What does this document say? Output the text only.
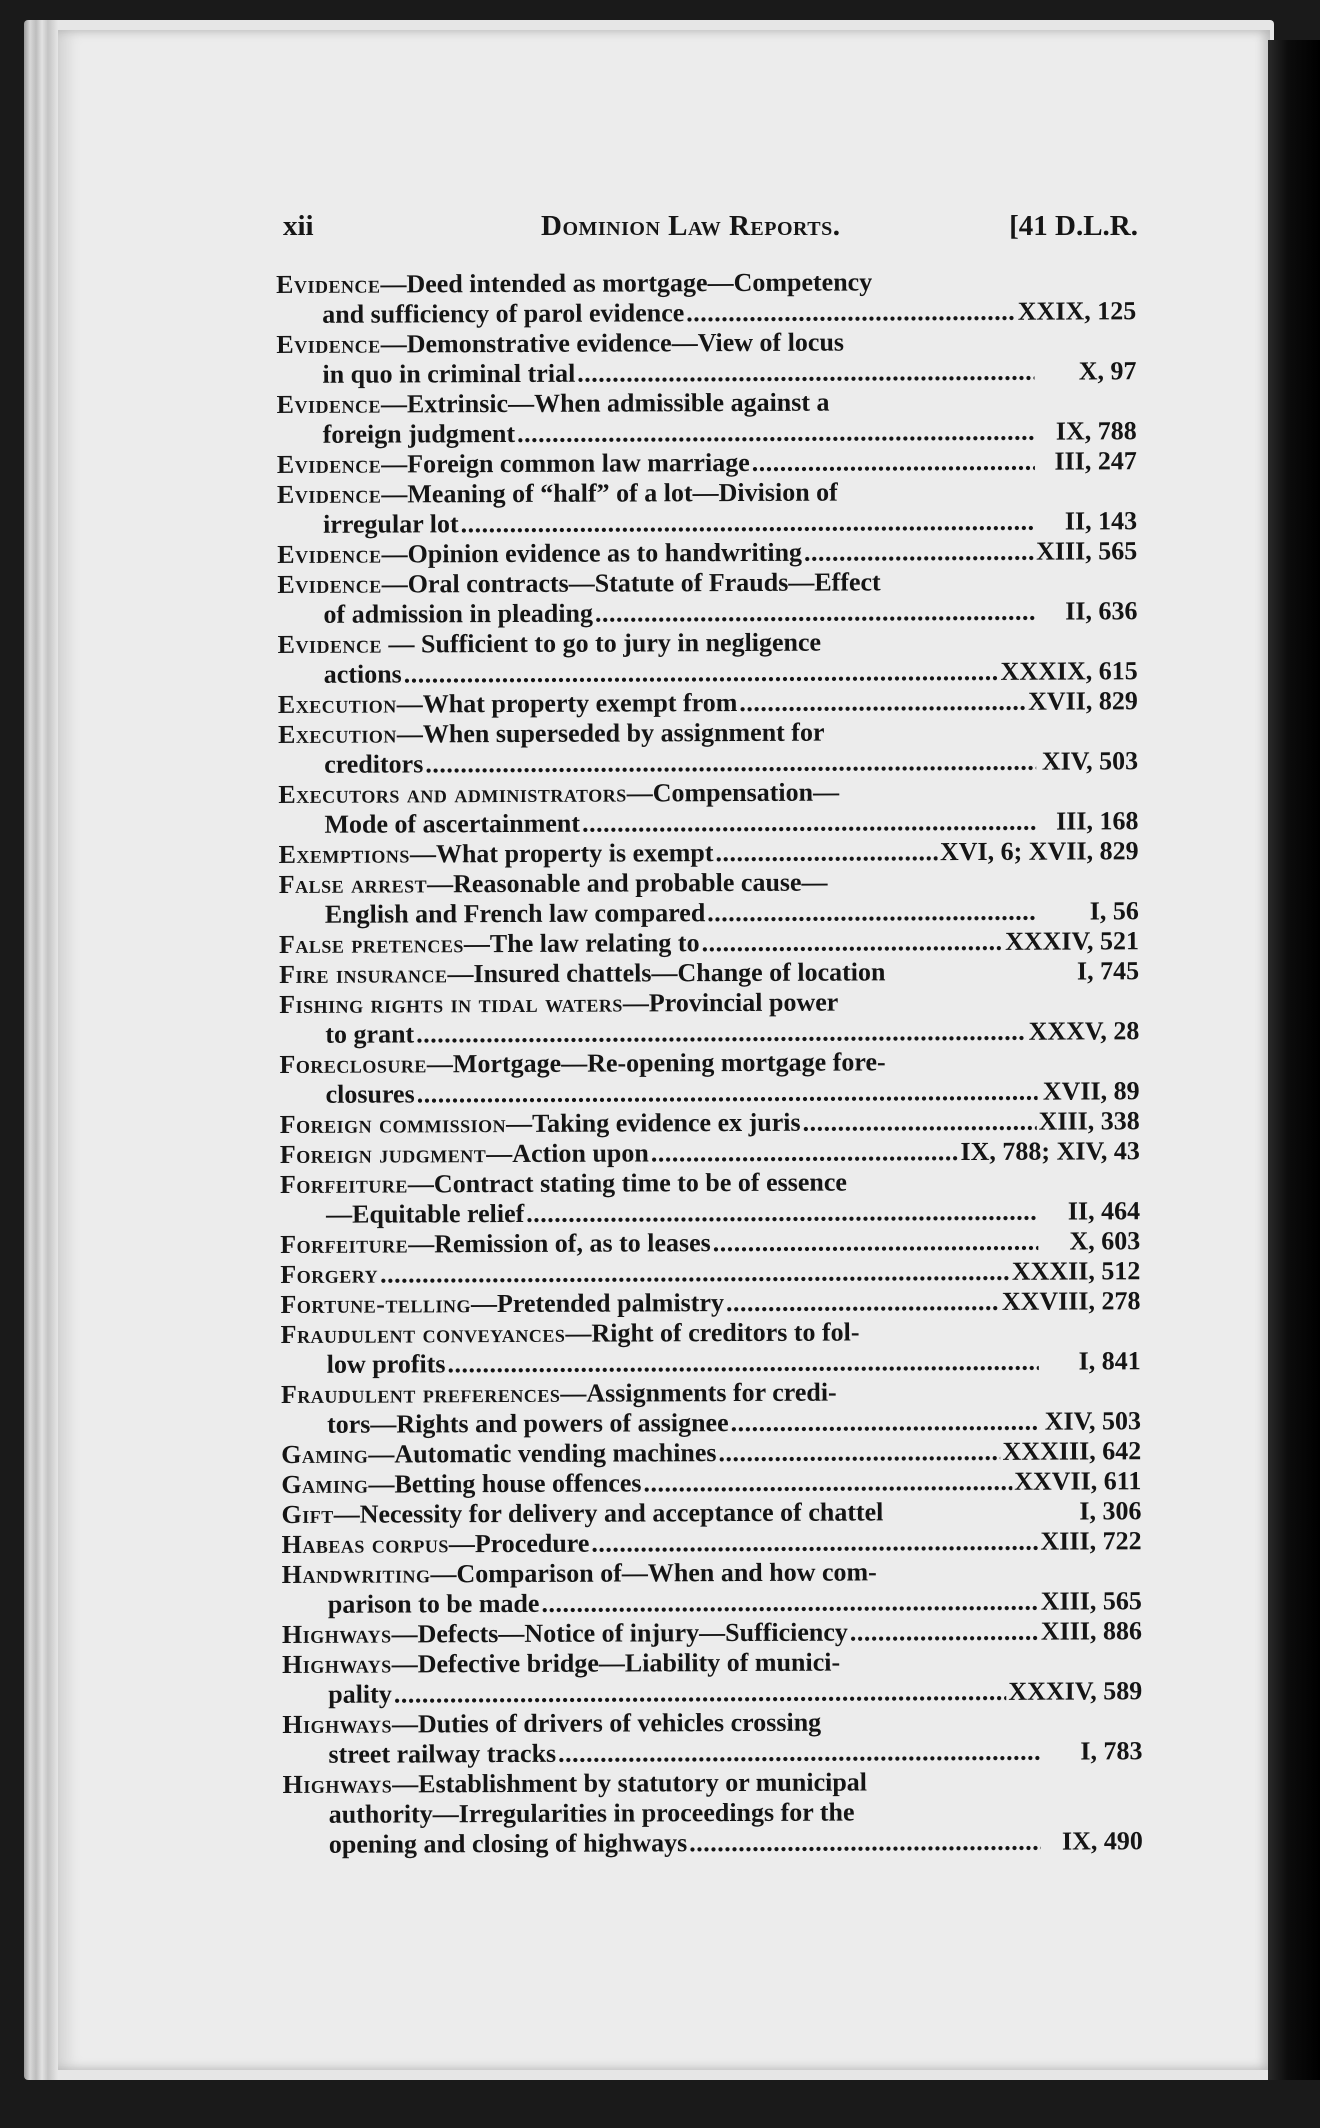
xii	Dominion Law Reports.	[41 D.L.R.
Evidence—Deed intended as mortgage—Competency
and sufficiency of parol evidence . . .	XXIX, 125
Evidence—Demonstrative evidence—View of locus
in quo in criminal trial . . .	X, 97
Evidence—Extrinsic—When admissible against a
foreign judgment . . .	IX, 788
Evidence—Foreign common law marriage . . .	III, 247
Evidence—Meaning of “half” of a lot—Division of
irregular lot . . .	II, 143
Evidence—Opinion evidence as to handwriting . . .	XIII, 565
Evidence—Oral contracts—Statute of Frauds—Effect
of admission in pleading . . .	II, 636
Evidence — Sufficient to go to jury in negligence
actions . . .	XXXIX, 615
Execution—What property exempt from . . .	XVII, 829
Execution—When superseded by assignment for
creditors . . .	XIV, 503
Executors and administrators—Compensation—
Mode of ascertainment . . .	III, 168
Exemptions—What property is exempt . . .	XVI, 6; XVII, 829
False arrest—Reasonable and probable cause—
English and French law compared . . .	I, 56
False pretences—The law relating to . . .	XXXIV, 521
Fire insurance—Insured chattels—Change of location	I, 745
Fishing rights in tidal waters—Provincial power
to grant . . .	XXXV, 28
Foreclosure—Mortgage—Re-opening mortgage fore-
closures . . .	XVII, 89
Foreign commission—Taking evidence ex juris . . .	XIII, 338
Foreign judgment—Action upon . . .	IX, 788; XIV, 43
Forfeiture—Contract stating time to be of essence
—Equitable relief . . .	II, 464
Forfeiture—Remission of, as to leases . . .	X, 603
Forgery . . .	XXXII, 512
Fortune-telling—Pretended palmistry . . .	XXVIII, 278
Fraudulent conveyances—Right of creditors to fol-
low profits . . .	I, 841
Fraudulent preferences—Assignments for credi-
tors—Rights and powers of assignee . . .	XIV, 503
Gaming—Automatic vending machines . . .	XXXIII, 642
Gaming—Betting house offences . . .	XXVII, 611
Gift—Necessity for delivery and acceptance of chattel	I, 306
Habeas corpus—Procedure . . .	XIII, 722
Handwriting—Comparison of—When and how com-
parison to be made . . .	XIII, 565
Highways—Defects—Notice of injury—Sufficiency . . .	XIII, 886
Highways—Defective bridge—Liability of munici-
pality . . .	XXXIV, 589
Highways—Duties of drivers of vehicles crossing
street railway tracks . . .	I, 783
Highways—Establishment by statutory or municipal
authority—Irregularities in proceedings for the
opening and closing of highways . . .	IX, 490
